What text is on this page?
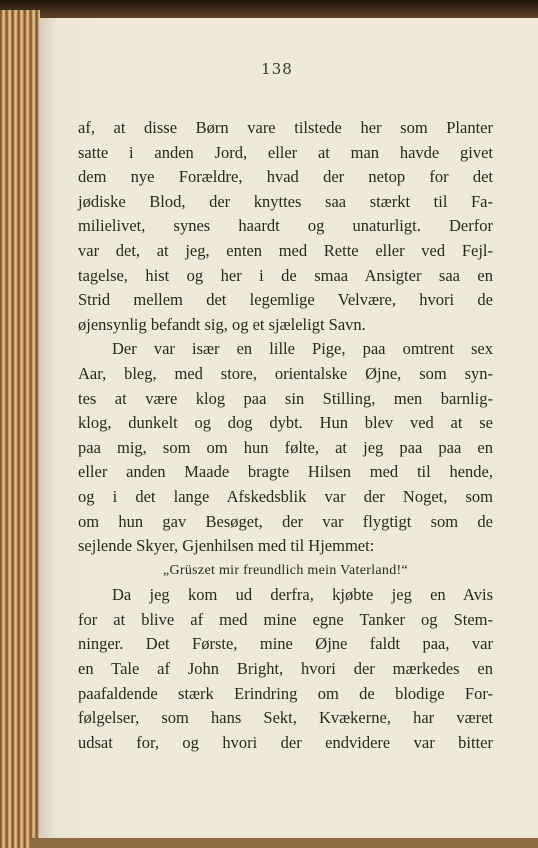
138
af, at disse Børn vare tilstede her som Planter
satte i anden Jord, eller at man havde givet
dem nye Forældre, hvad der netop for det
jødiske Blod, der knyttes saa stærkt til Fa-
milielivet, synes haardt og unaturligt. Derfor
var det, at jeg, enten med Rette eller ved Fejl-
tagelse, hist og her i de smaa Ansigter saa en
Strid mellem det legemlige Velvære, hvori de
øjensynlig befandt sig, og et sjæleligt Savn.
Der var især en lille Pige, paa omtrent sex
Aar, bleg, med store, orientalske Øjne, som syn-
tes at være klog paa sin Stilling, men barnlig-
klog, dunkelt og dog dybt. Hun blev ved at se
paa mig, som om hun følte, at jeg paa paa en
eller anden Maade bragte Hilsen med til hende,
og i det lange Afskedsblik var der Noget, som
om hun gav Besøget, der var flygtigt som de
sejlende Skyer, Gjenhilsen med til Hjemmet:
„Grüszet mir freundlich mein Vaterland!“
Da jeg kom ud derfra, kjøbte jeg en Avis
for at blive af med mine egne Tanker og Stem-
ninger. Det Første, mine Øjne faldt paa, var
en Tale af John Bright, hvori der mærkedes en
paafaldende stærk Erindring om de blodige For-
følgelser, som hans Sekt, Kvækerne, har været
udsat for, og hvori der endvidere var bitter
